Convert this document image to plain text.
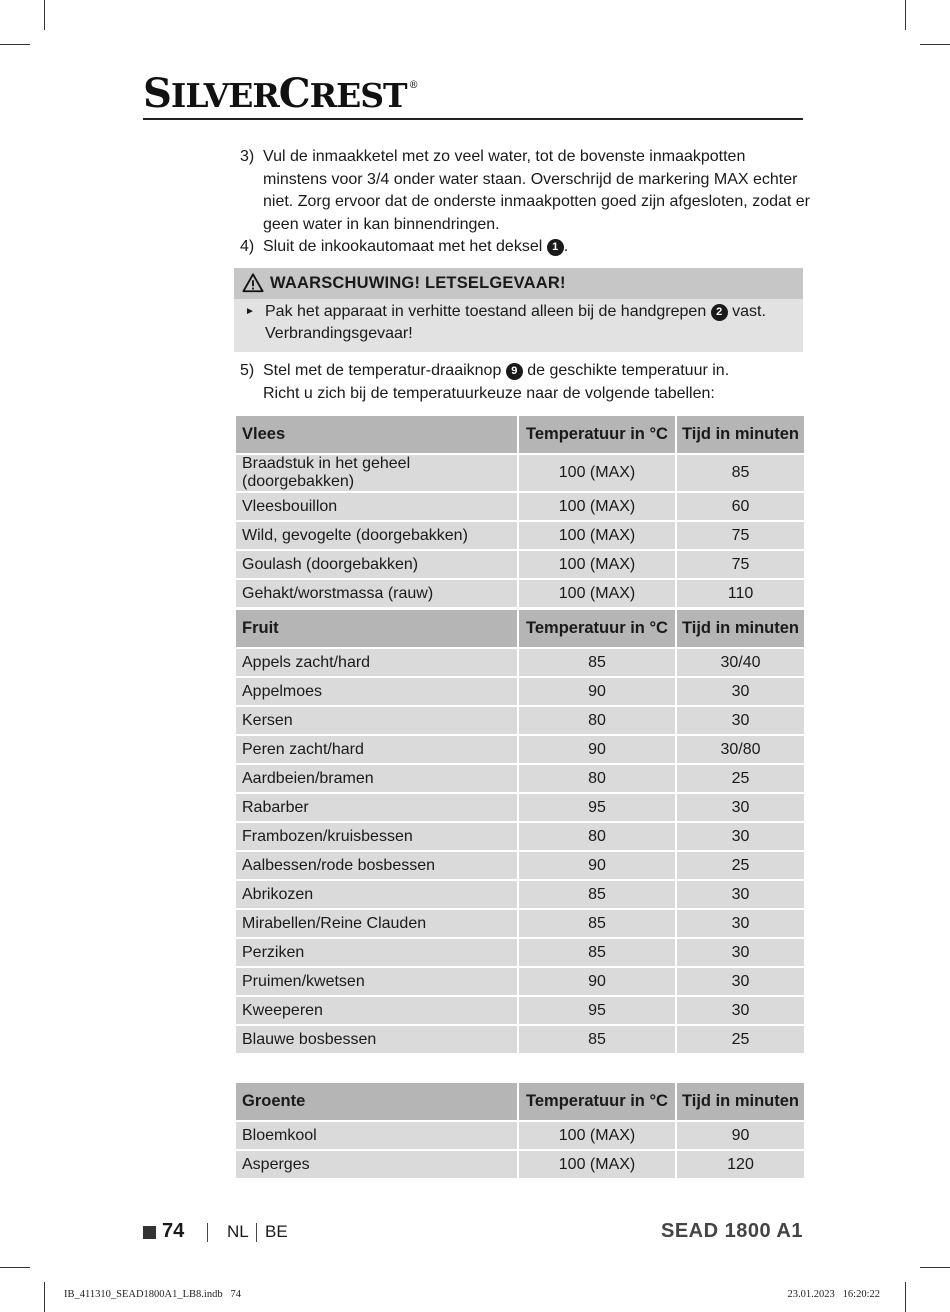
SILVERCREST ®
3) Vul de inmaakketel met zo veel water, tot de bovenste inmaakpotten minstens voor 3/4 onder water staan. Overschrijd de markering MAX echter niet. Zorg ervoor dat de onderste inmaakpotten goed zijn afgesloten, zodat er geen water in kan binnendringen.
4) Sluit de inkookautomaat met het deksel 1 .
WAARSCHUWING! LETSELGEVAAR!
► Pak het apparaat in verhitte toestand alleen bij de handgrepen 2 vast.
Verbrandingsgevaar!
5) Stel met de temperatur-draaiknop 9 de geschikte temperatuur in.
Richt u zich bij de temperatuurkeuze naar de volgende tabellen:
Vlees	Temperatuur in °C	Tijd in minuten
Braadstuk in het geheel (doorgebakken)	100 (MAX)	85
Vleesbouillon	100 (MAX)	60
Wild, gevogelte (doorgebakken)	100 (MAX)	75
Goulash (doorgebakken)	100 (MAX)	75
Gehakt/worstmassa (rauw)	100 (MAX)	110
Fruit	Temperatuur in °C	Tijd in minuten
Appels zacht/hard	85	30/40
Appelmoes	90	30
Kersen	80	30
Peren zacht/hard	90	30/80
Aardbeien/bramen	80	25
Rabarber	95	30
Frambozen/kruisbessen	80	30
Aalbessen/rode bosbessen	90	25
Abrikozen	85	30
Mirabellen/Reine Clauden	85	30
Perziken	85	30
Pruimen/kwetsen	90	30
Kweeperen	95	30
Blauwe bosbessen	85	25
Groente	Temperatuur in °C	Tijd in minuten
Bloemkool	100 (MAX)	90
Asperges	100 (MAX)	120
74	NL BE	SEAD 1800 A1
IB_411310_SEAD1800A1_LB8.indb   74	23.01.2023   16:20:22
